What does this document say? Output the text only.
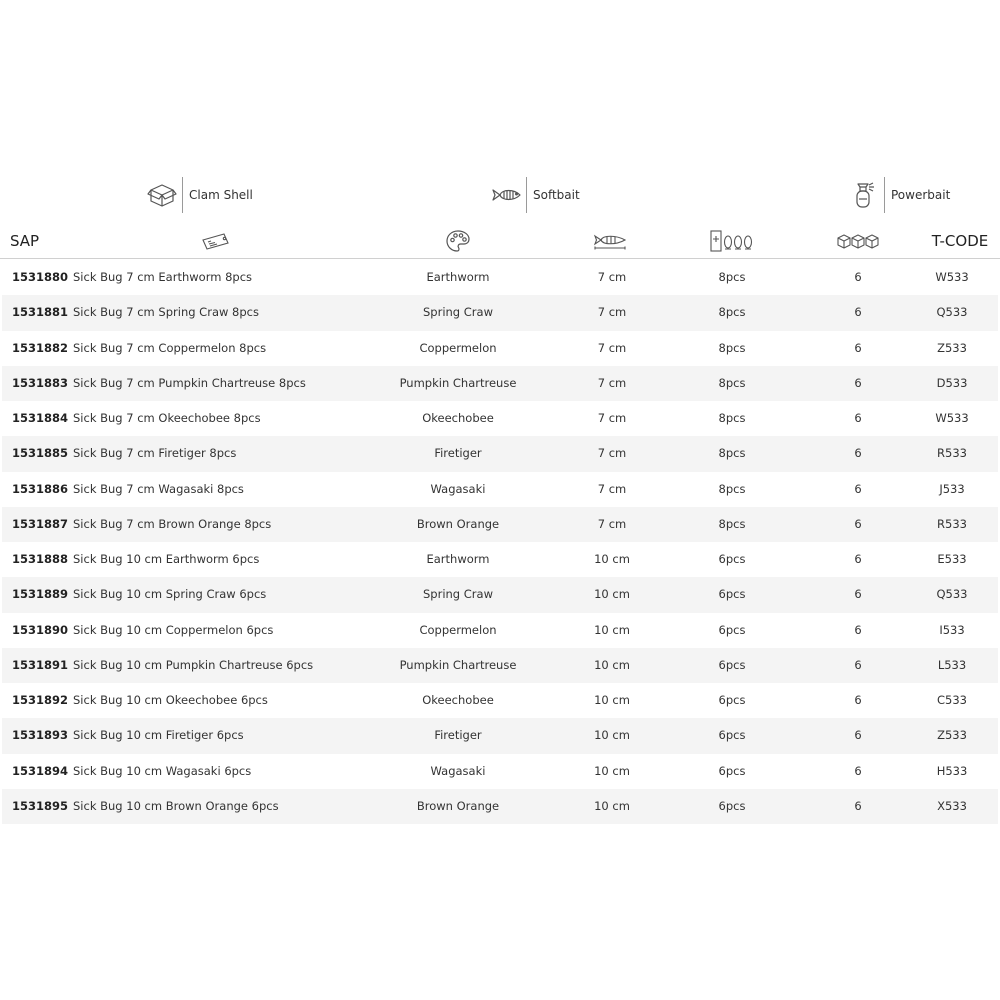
Clam Shell	Softbait	Powerbait
SAP	T-CODE
1531880 Sick Bug 7 cm Earthworm 8pcs	Earthworm	7 cm	8pcs	6	W533
1531881 Sick Bug 7 cm Spring Craw 8pcs	Spring Craw	7 cm	8pcs	6	Q533
1531882 Sick Bug 7 cm Coppermelon 8pcs	Coppermelon	7 cm	8pcs	6	Z533
1531883 Sick Bug 7 cm Pumpkin Chartreuse 8pcs	Pumpkin Chartreuse	7 cm	8pcs	6	D533
1531884 Sick Bug 7 cm Okeechobee 8pcs	Okeechobee	7 cm	8pcs	6	W533
1531885 Sick Bug 7 cm Firetiger 8pcs	Firetiger	7 cm	8pcs	6	R533
1531886 Sick Bug 7 cm Wagasaki 8pcs	Wagasaki	7 cm	8pcs	6	J533
1531887 Sick Bug 7 cm Brown Orange 8pcs	Brown Orange	7 cm	8pcs	6	R533
1531888 Sick Bug 10 cm Earthworm 6pcs	Earthworm	10 cm	6pcs	6	E533
1531889 Sick Bug 10 cm Spring Craw 6pcs	Spring Craw	10 cm	6pcs	6	Q533
1531890 Sick Bug 10 cm Coppermelon 6pcs	Coppermelon	10 cm	6pcs	6	I533
1531891 Sick Bug 10 cm Pumpkin Chartreuse 6pcs	Pumpkin Chartreuse	10 cm	6pcs	6	L533
1531892 Sick Bug 10 cm Okeechobee 6pcs	Okeechobee	10 cm	6pcs	6	C533
1531893 Sick Bug 10 cm Firetiger 6pcs	Firetiger	10 cm	6pcs	6	Z533
1531894 Sick Bug 10 cm Wagasaki 6pcs	Wagasaki	10 cm	6pcs	6	H533
1531895 Sick Bug 10 cm Brown Orange 6pcs	Brown Orange	10 cm	6pcs	6	X533
